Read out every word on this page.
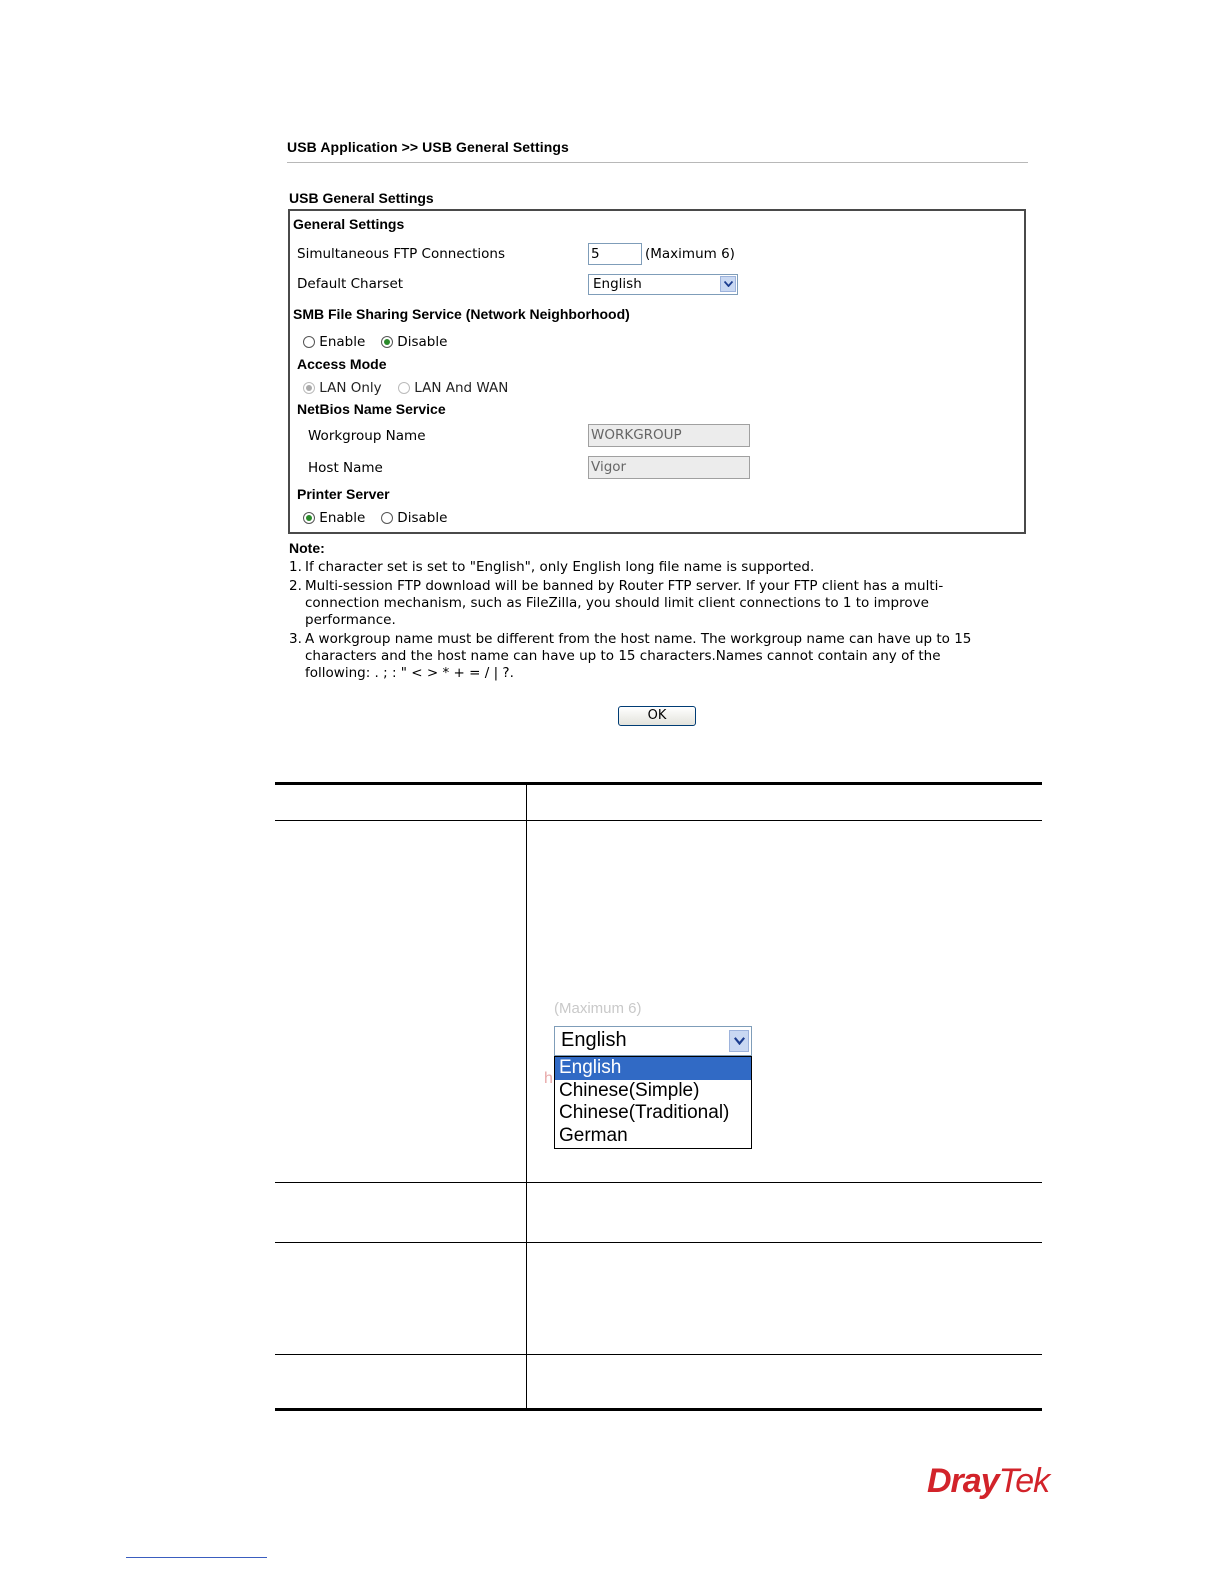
USB Application >> USB General Settings
USB General Settings
General Settings
Simultaneous FTP Connections	5	(Maximum 6)
Default Charset	English
SMB File Sharing Service (Network Neighborhood)
Enable	Disable
Access Mode
LAN Only	LAN And WAN
NetBios Name Service
Workgroup Name	WORKGROUP
Host Name	Vigor
Printer Server
Enable	Disable
Note:
1. If character set is set to "English", only English long file name is supported.
2. Multi-session FTP download will be banned by Router FTP server. If your FTP client has a multi-
connection mechanism, such as FileZilla, you should limit client connections to 1 to improve
performance.
3. A workgroup name must be different from the host name. The workgroup name can have up to 15
characters and the host name can have up to 15 characters.Names cannot contain any of the
following: . ; : " < > * + = / | ?.
OK
(Maximum 6)
h
English
English
Chinese(Simple)
Chinese(Traditional)
German
DrayTek
